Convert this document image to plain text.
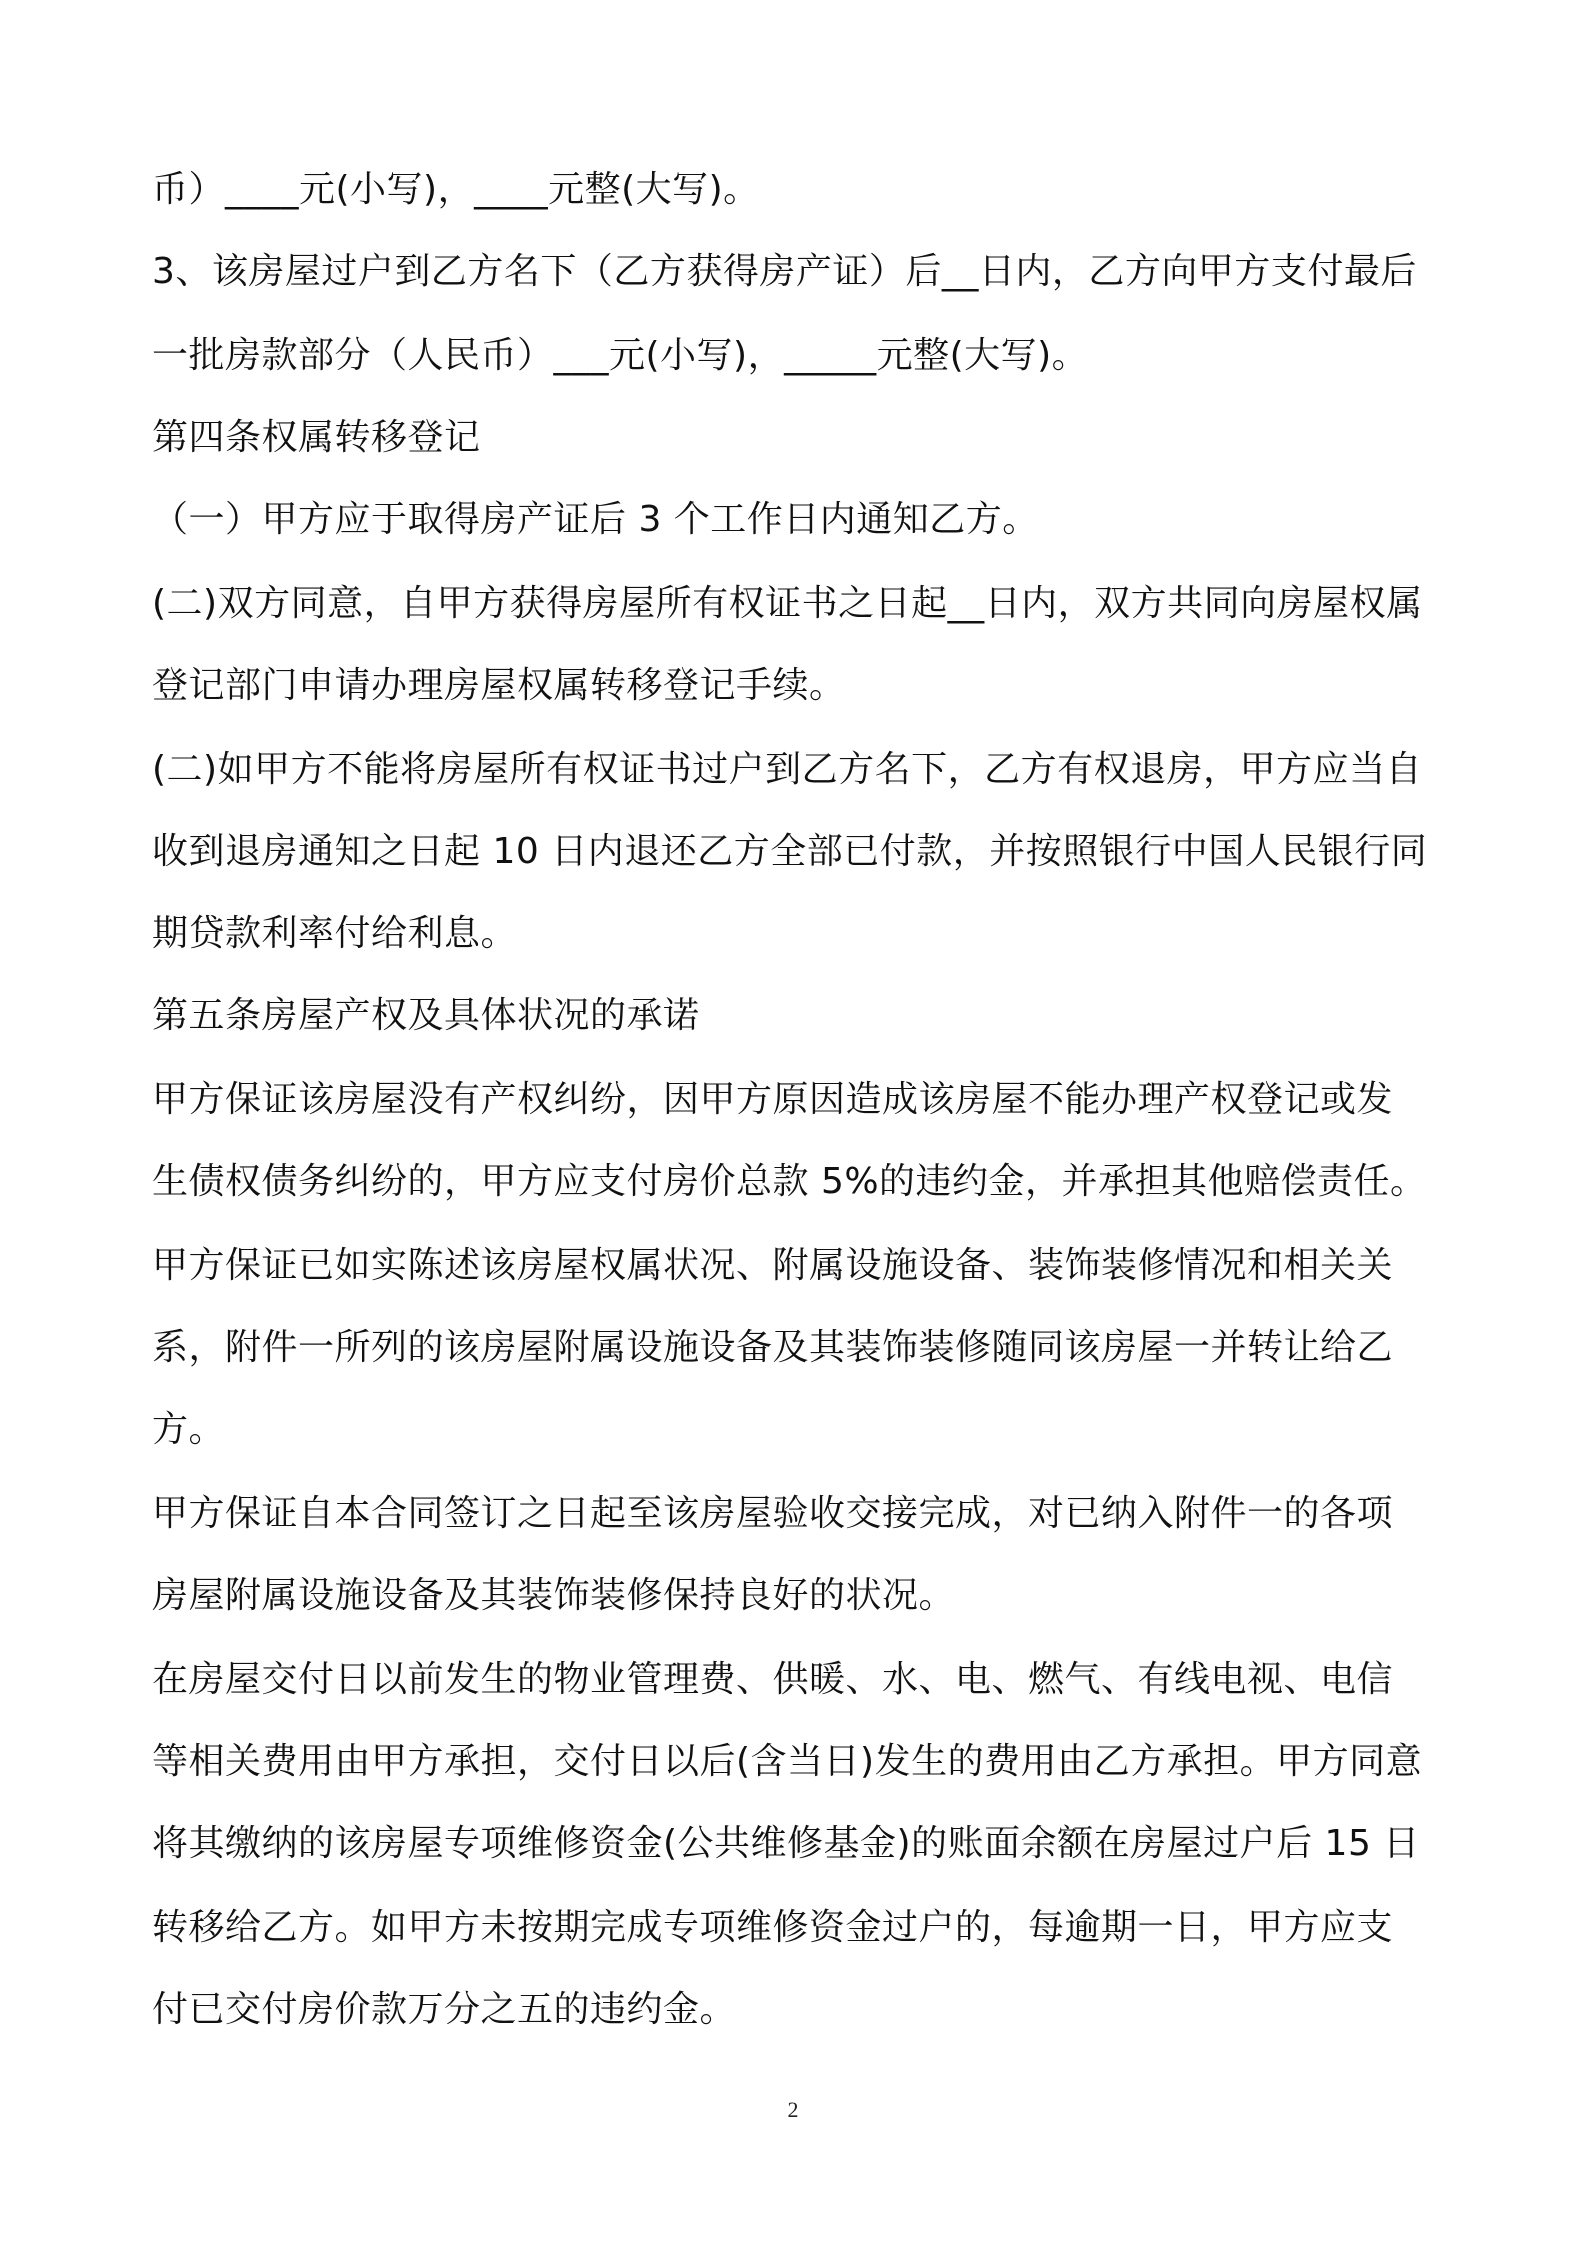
币）____元(小写)，____元整(大写)。
3、该房屋过户到乙方名下（乙方获得房产证）后__日内，乙方向甲方支付最后
一批房款部分（人民币）___元(小写)，_____元整(大写)。
第四条权属转移登记
（一）甲方应于取得房产证后 3 个工作日内通知乙方。
(二)双方同意，自甲方获得房屋所有权证书之日起__日内，双方共同向房屋权属
登记部门申请办理房屋权属转移登记手续。
(二)如甲方不能将房屋所有权证书过户到乙方名下，乙方有权退房，甲方应当自
收到退房通知之日起 10 日内退还乙方全部已付款，并按照银行中国人民银行同
期贷款利率付给利息。
第五条房屋产权及具体状况的承诺
甲方保证该房屋没有产权纠纷，因甲方原因造成该房屋不能办理产权登记或发
生债权债务纠纷的，甲方应支付房价总款 5%的违约金，并承担其他赔偿责任。
甲方保证已如实陈述该房屋权属状况、附属设施设备、装饰装修情况和相关关
系，附件一所列的该房屋附属设施设备及其装饰装修随同该房屋一并转让给乙
方。
甲方保证自本合同签订之日起至该房屋验收交接完成，对已纳入附件一的各项
房屋附属设施设备及其装饰装修保持良好的状况。
在房屋交付日以前发生的物业管理费、供暖、水、电、燃气、有线电视、电信
等相关费用由甲方承担，交付日以后(含当日)发生的费用由乙方承担。甲方同意
将其缴纳的该房屋专项维修资金(公共维修基金)的账面余额在房屋过户后 15 日
转移给乙方。如甲方未按期完成专项维修资金过户的，每逾期一日，甲方应支
付已交付房价款万分之五的违约金。
2
